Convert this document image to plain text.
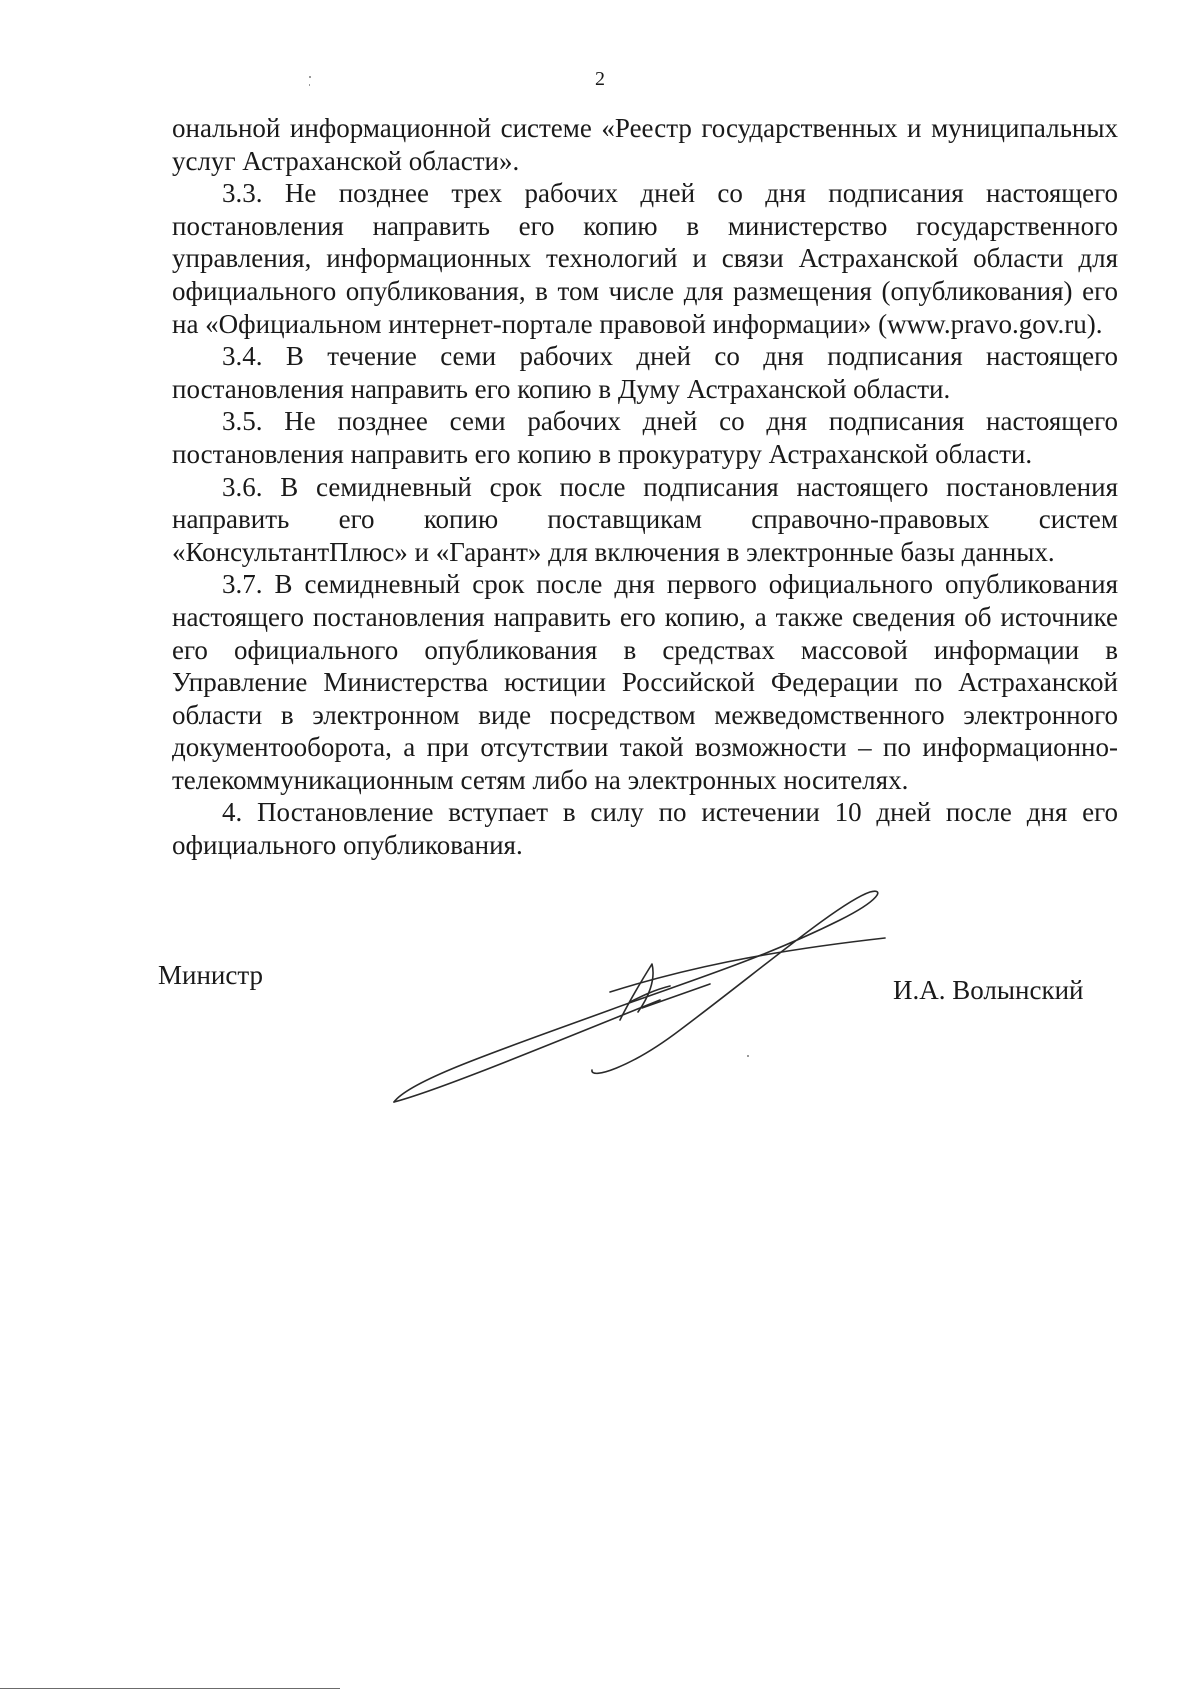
2

ональной информационной системе «Реестр государственных и муниципальных услуг Астраханской области».

3.3. Не позднее трех рабочих дней со дня подписания настоящего постановления направить его копию в министерство государственного управления, информационных технологий и связи Астраханской области для официального опубликования, в том числе для размещения (опубликования) его на «Официальном интернет-портале правовой информации» (www.pravo.gov.ru).

3.4. В течение семи рабочих дней со дня подписания настоящего постановления направить его копию в Думу Астраханской области.

3.5. Не позднее семи рабочих дней со дня подписания настоящего постановления направить его копию в прокуратуру Астраханской области.

3.6. В семидневный срок после подписания настоящего постановления направить его копию поставщикам справочно-правовых систем «КонсультантПлюс» и «Гарант» для включения в электронные базы данных.

3.7. В семидневный срок после дня первого официального опубликования настоящего постановления направить его копию, а также сведения об источнике его официального опубликования в средствах массовой информации в Управление Министерства юстиции Российской Федерации по Астраханской области в электронном виде посредством межведомственного электронного документооборота, а при отсутствии такой возможности – по информационно-телекоммуникационным сетям либо на электронных носителях.

4. Постановление вступает в силу по истечении 10 дней после дня его официального опубликования.

Министр	И.А. Волынский
